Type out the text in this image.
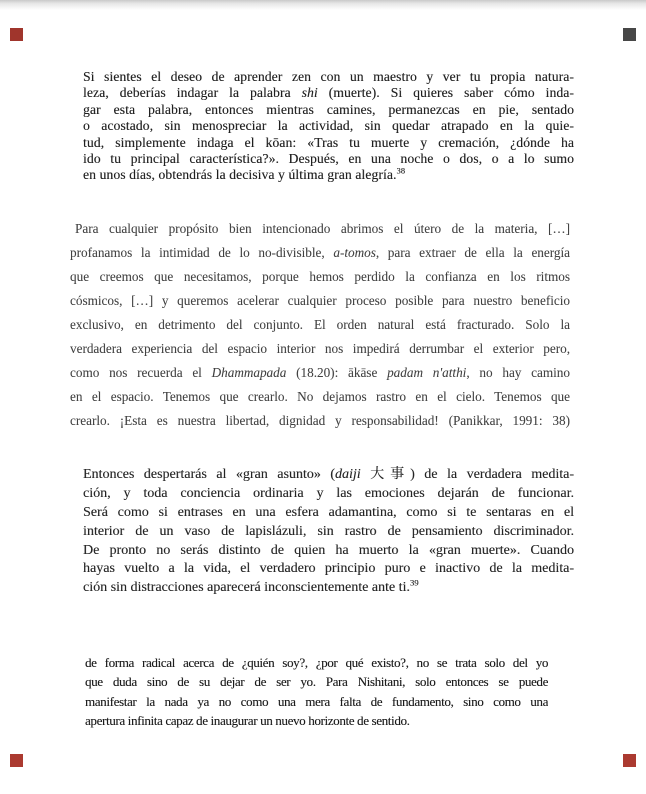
Si sientes el deseo de aprender zen con un maestro y ver tu propia natura-
leza, deberías indagar la palabra shi (muerte). Si quieres saber cómo inda-
gar esta palabra, entonces mientras camines, permanezcas en pie, sentado
o acostado, sin menospreciar la actividad, sin quedar atrapado en la quie-
tud, simplemente indaga el kōan: «Tras tu muerte y cremación, ¿dónde ha
ido tu principal característica?». Después, en una noche o dos, o a lo sumo
en unos días, obtendrás la decisiva y última gran alegría.$^{38}$
Para cualquier propósito bien intencionado abrimos el útero de la materia, […]
profanamos la intimidad de lo no-divisible, a-tomos, para extraer de ella la energía
que creemos que necesitamos, porque hemos perdido la confianza en los ritmos
cósmicos, […] y queremos acelerar cualquier proceso posible para nuestro beneficio
exclusivo, en detrimento del conjunto. El orden natural está fracturado. Solo la
verdadera experiencia del espacio interior nos impedirá derrumbar el exterior pero,
como nos recuerda el Dhammapada (18.20): ākāse padam n'atthi, no hay camino
en el espacio. Tenemos que crearlo. No dejamos rastro en el cielo. Tenemos que
crearlo. ¡Esta es nuestra libertad, dignidad y responsabilidad! (Panikkar, 1991: 38)
Entonces despertarás al «gran asunto» (daiji 大事) de la verdadera medita-
ción, y toda conciencia ordinaria y las emociones dejarán de funcionar.
Será como si entrases en una esfera adamantina, como si te sentaras en el
interior de un vaso de lapislázuli, sin rastro de pensamiento discriminador.
De pronto no serás distinto de quien ha muerto la «gran muerte». Cuando
hayas vuelto a la vida, el verdadero principio puro e inactivo de la medita-
ción sin distracciones aparecerá inconscientemente ante ti.$^{39}$
de forma radical acerca de ¿quién soy?, ¿por qué existo?, no se trata solo del yo
que duda sino de su dejar de ser yo. Para Nishitani, solo entonces se puede
manifestar la nada ya no como una mera falta de fundamento, sino como una
apertura infinita capaz de inaugurar un nuevo horizonte de sentido.
